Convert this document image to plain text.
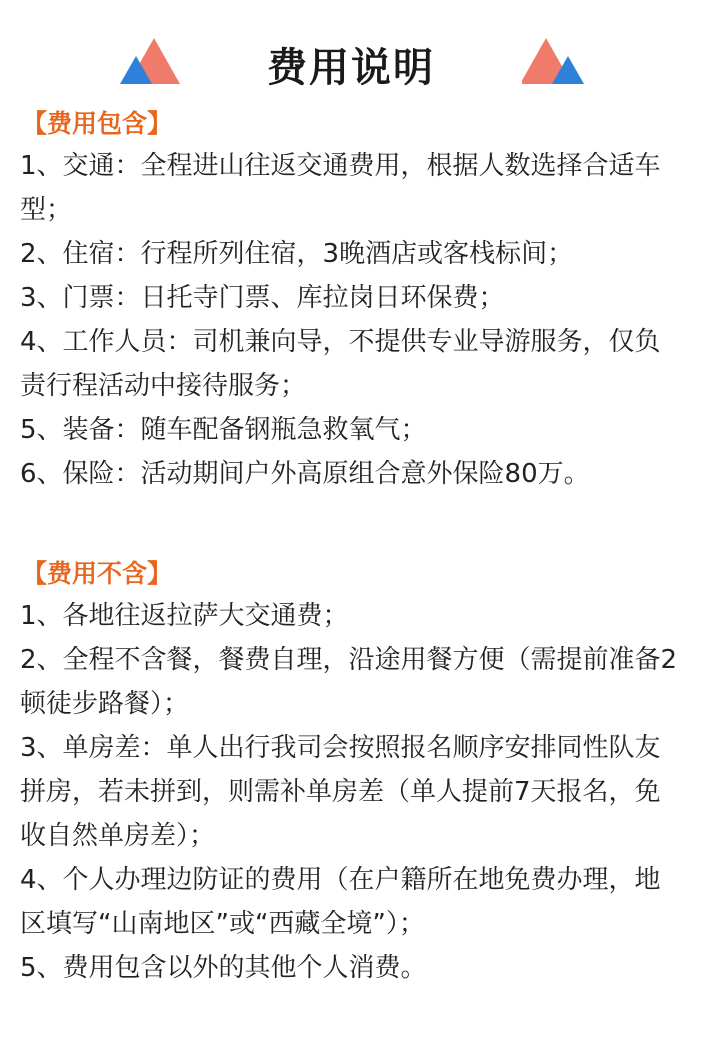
费用说明
【费用包含】
1、交通：全程进山往返交通费用，根据人数选择合适车型；
2、住宿：行程所列住宿，3晚酒店或客栈标间；
3、门票：日托寺门票、库拉岗日环保费；
4、工作人员：司机兼向导，不提供专业导游服务，仅负责行程活动中接待服务；
5、装备：随车配备钢瓶急救氧气；
6、保险：活动期间户外高原组合意外保险80万。
【费用不含】
1、各地往返拉萨大交通费；
2、全程不含餐，餐费自理，沿途用餐方便（需提前准备2顿徒步路餐）；
3、单房差：单人出行我司会按照报名顺序安排同性队友拼房，若未拼到，则需补单房差（单人提前7天报名，免收自然单房差）；
4、个人办理边防证的费用（在户籍所在地免费办理，地区填写“山南地区”或“西藏全境”）；
5、费用包含以外的其他个人消费。
